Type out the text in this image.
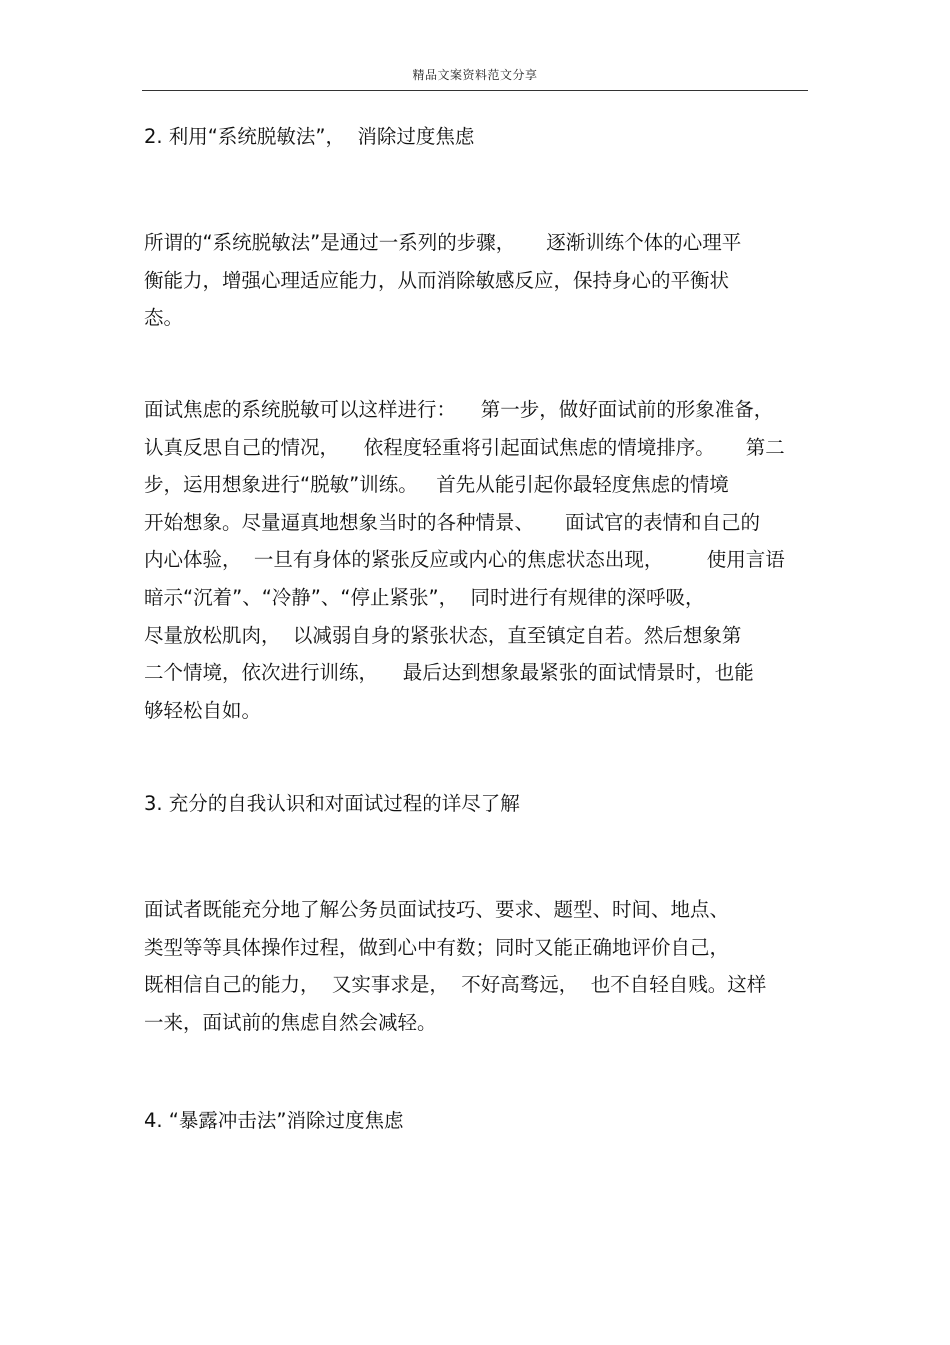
精品文案资料范文分享
2. 利用“系统脱敏法”，  消除过度焦虑
所谓的“系统脱敏法”是通过一系列的步骤，     逐渐训练个体的心理平
衡能力，增强心理适应能力，从而消除敏感反应，保持身心的平衡状
态。
面试焦虑的系统脱敏可以这样进行：    第一步，做好面试前的形象准备，
认真反思自己的情况，    依程度轻重将引起面试焦虑的情境排序。     第二
步，运用想象进行“脱敏”训练。   首先从能引起你最轻度焦虑的情境
开始想象。尽量逼真地想象当时的各种情景、     面试官的表情和自己的
内心体验，  一旦有身体的紧张反应或内心的焦虑状态出现，       使用言语
暗示“沉着”、“冷静”、“停止紧张”，  同时进行有规律的深呼吸，
尽量放松肌肉，  以减弱自身的紧张状态，直至镇定自若。然后想象第
二个情境，依次进行训练，    最后达到想象最紧张的面试情景时，也能
够轻松自如。
3. 充分的自我认识和对面试过程的详尽了解
面试者既能充分地了解公务员面试技巧、要求、题型、时间、地点、
类型等等具体操作过程，做到心中有数；同时又能正确地评价自己，
既相信自己的能力，  又实事求是，  不好高骛远，  也不自轻自贱。这样
一来，面试前的焦虑自然会减轻。
4. “暴露冲击法”消除过度焦虑
